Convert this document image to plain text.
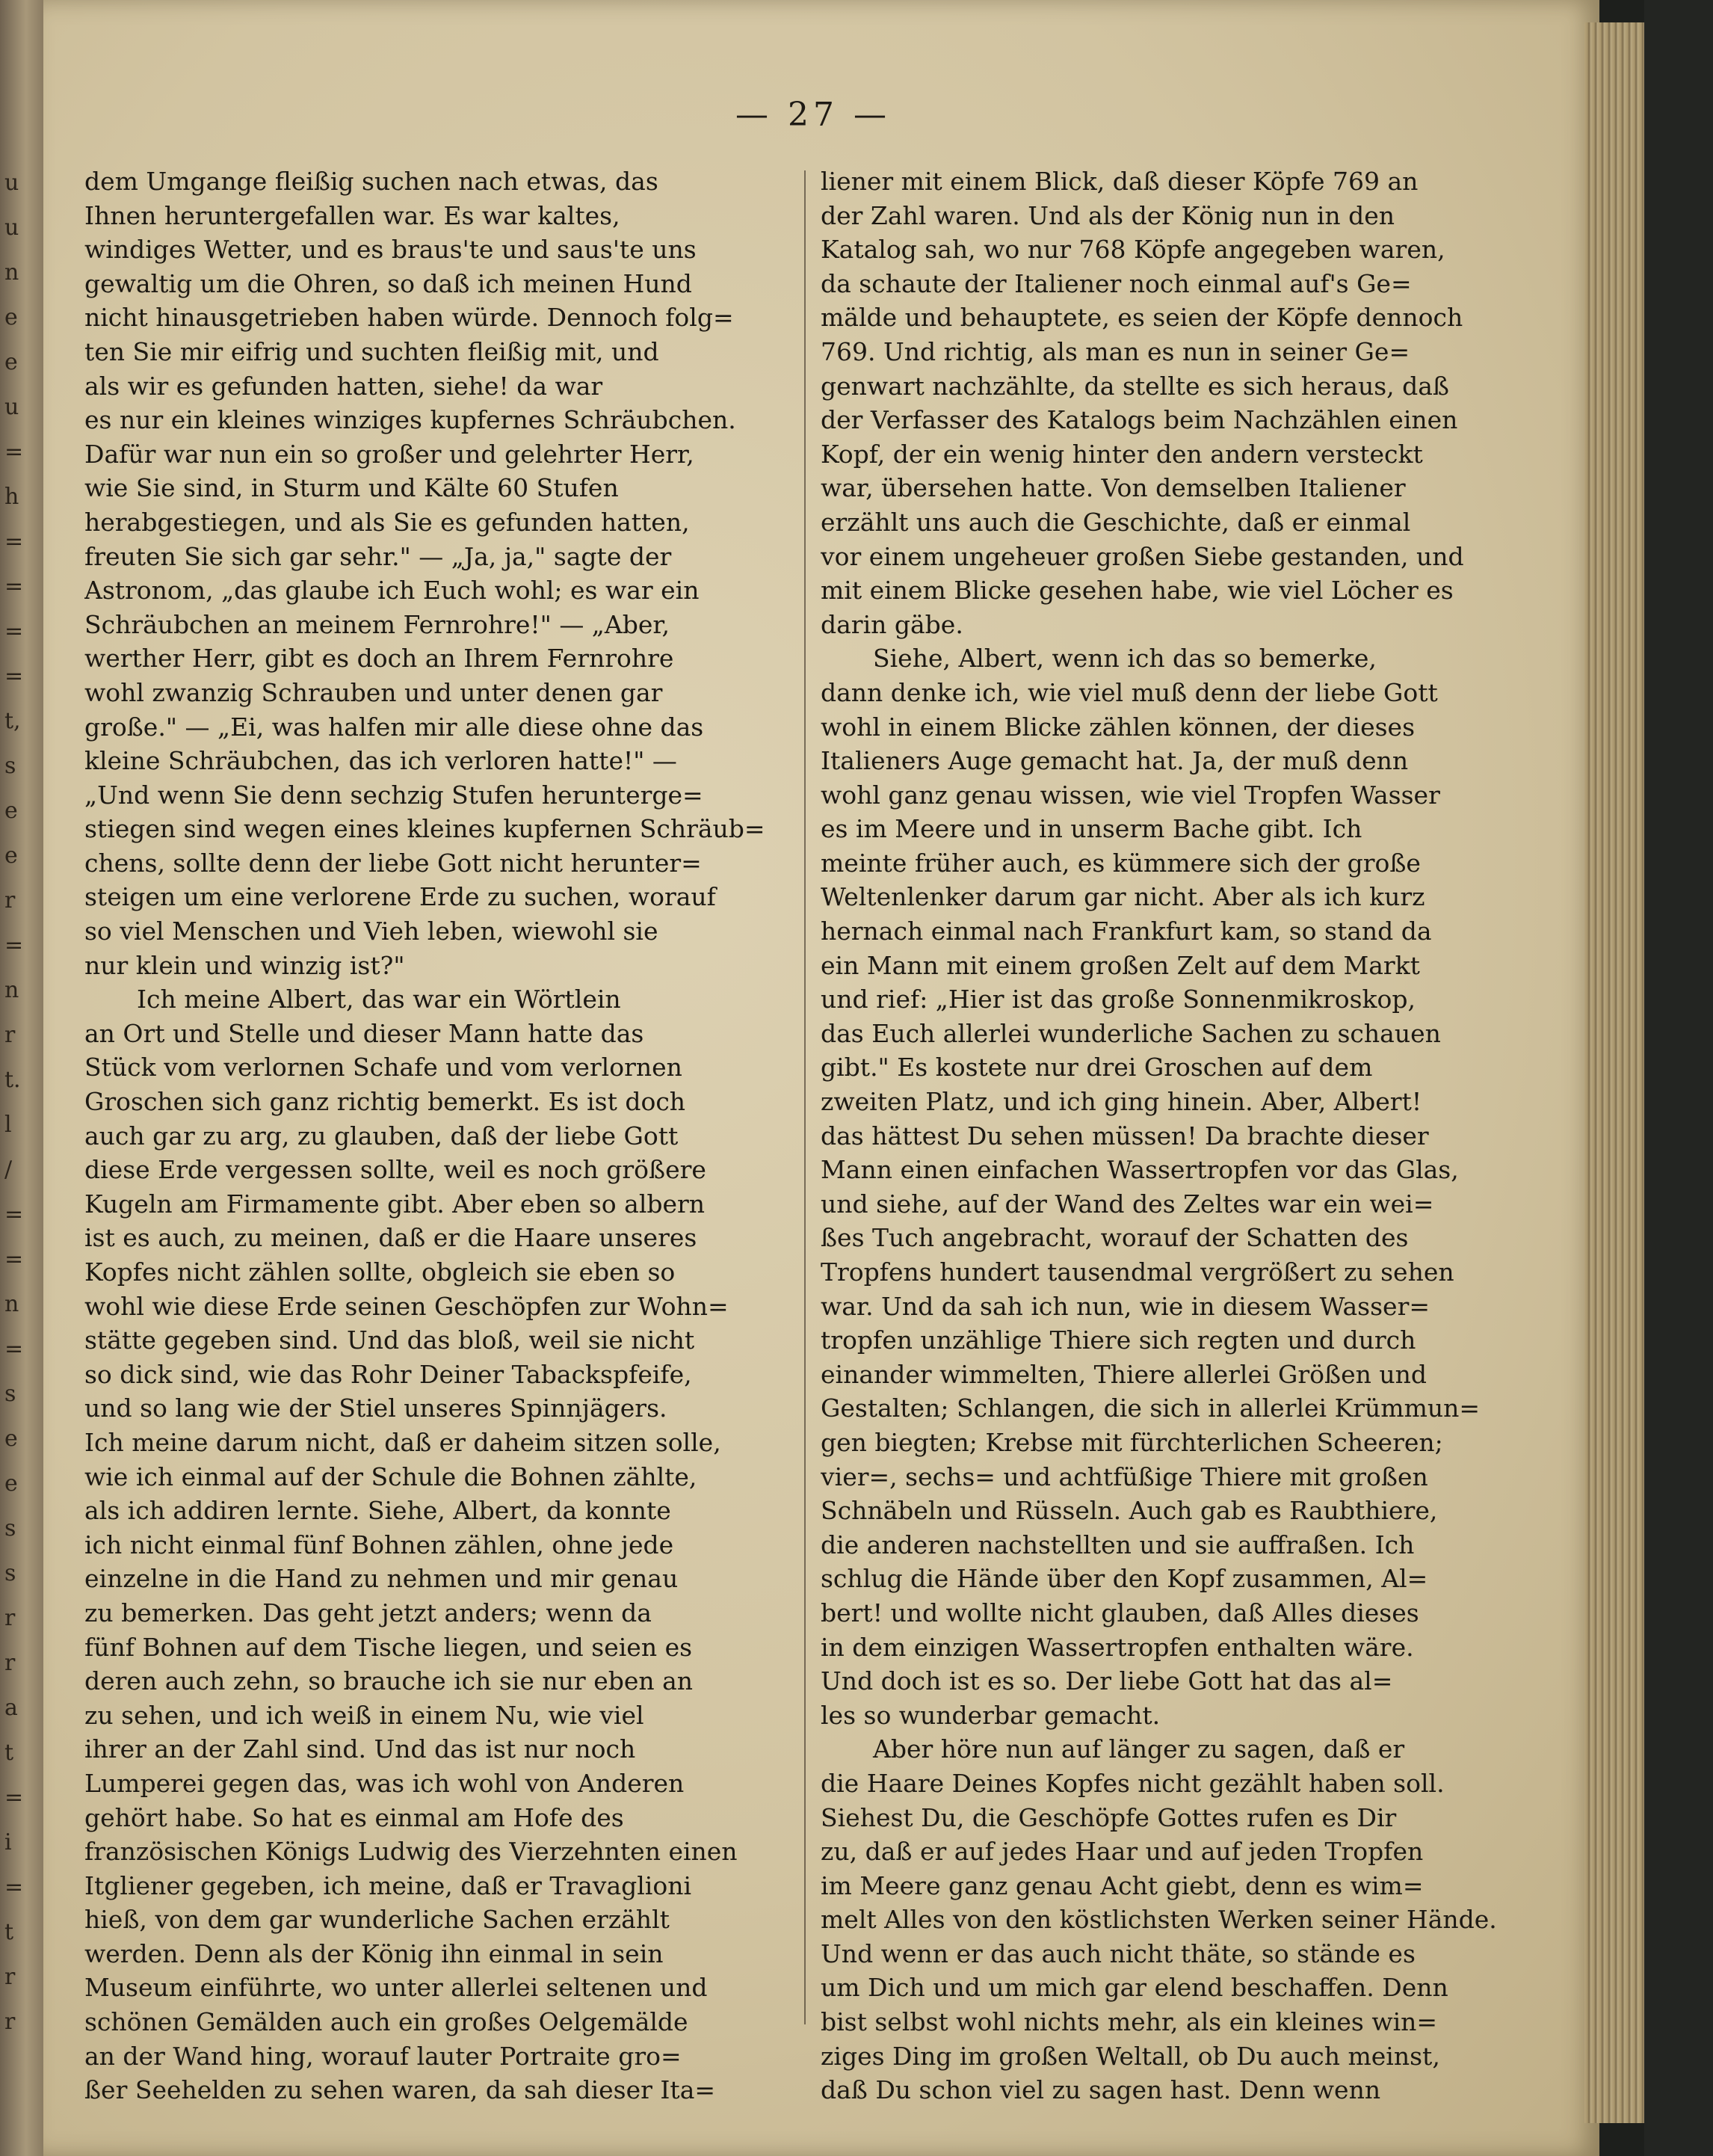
u
u
n
e
e
u
=
h
=
=
=
=
t,
s
e
e
r
=
n
r
t.
l
/
=
=
n
=
s
e
e
s
s
r
r
a
t
=
i
=
t
r
r
— 27 —
dem Umgange fleißig suchen nach etwas, das
Ihnen heruntergefallen war. Es war kaltes,
windiges Wetter, und es braus'te und saus'te uns
gewaltig um die Ohren, so daß ich meinen Hund
nicht hinausgetrieben haben würde. Dennoch folg=
ten Sie mir eifrig und suchten fleißig mit, und
als wir es gefunden hatten, siehe! da war
es nur ein kleines winziges kupfernes Schräubchen.
Dafür war nun ein so großer und gelehrter Herr,
wie Sie sind, in Sturm und Kälte 60 Stufen
herabgestiegen, und als Sie es gefunden hatten,
freuten Sie sich gar sehr." — „Ja, ja," sagte der
Astronom, „das glaube ich Euch wohl; es war ein
Schräubchen an meinem Fernrohre!" — „Aber,
werther Herr, gibt es doch an Ihrem Fernrohre
wohl zwanzig Schrauben und unter denen gar
große." — „Ei, was halfen mir alle diese ohne das
kleine Schräubchen, das ich verloren hatte!" —
„Und wenn Sie denn sechzig Stufen herunterge=
stiegen sind wegen eines kleines kupfernen Schräub=
chens, sollte denn der liebe Gott nicht herunter=
steigen um eine verlorene Erde zu suchen, worauf
so viel Menschen und Vieh leben, wiewohl sie
nur klein und winzig ist?"
Ich meine Albert, das war ein Wörtlein
an Ort und Stelle und dieser Mann hatte das
Stück vom verlornen Schafe und vom verlornen
Groschen sich ganz richtig bemerkt. Es ist doch
auch gar zu arg, zu glauben, daß der liebe Gott
diese Erde vergessen sollte, weil es noch größere
Kugeln am Firmamente gibt. Aber eben so albern
ist es auch, zu meinen, daß er die Haare unseres
Kopfes nicht zählen sollte, obgleich sie eben so
wohl wie diese Erde seinen Geschöpfen zur Wohn=
stätte gegeben sind. Und das bloß, weil sie nicht
so dick sind, wie das Rohr Deiner Tabackspfeife,
und so lang wie der Stiel unseres Spinnjägers.
Ich meine darum nicht, daß er daheim sitzen solle,
wie ich einmal auf der Schule die Bohnen zählte,
als ich addiren lernte. Siehe, Albert, da konnte
ich nicht einmal fünf Bohnen zählen, ohne jede
einzelne in die Hand zu nehmen und mir genau
zu bemerken. Das geht jetzt anders; wenn da
fünf Bohnen auf dem Tische liegen, und seien es
deren auch zehn, so brauche ich sie nur eben an
zu sehen, und ich weiß in einem Nu, wie viel
ihrer an der Zahl sind. Und das ist nur noch
Lumperei gegen das, was ich wohl von Anderen
gehört habe. So hat es einmal am Hofe des
französischen Königs Ludwig des Vierzehnten einen
Itgliener gegeben, ich meine, daß er Travaglioni
hieß, von dem gar wunderliche Sachen erzählt
werden. Denn als der König ihn einmal in sein
Museum einführte, wo unter allerlei seltenen und
schönen Gemälden auch ein großes Oelgemälde
an der Wand hing, worauf lauter Portraite gro=
ßer Seehelden zu sehen waren, da sah dieser Ita=
liener mit einem Blick, daß dieser Köpfe 769 an
der Zahl waren. Und als der König nun in den
Katalog sah, wo nur 768 Köpfe angegeben waren,
da schaute der Italiener noch einmal auf's Ge=
mälde und behauptete, es seien der Köpfe dennoch
769. Und richtig, als man es nun in seiner Ge=
genwart nachzählte, da stellte es sich heraus, daß
der Verfasser des Katalogs beim Nachzählen einen
Kopf, der ein wenig hinter den andern versteckt
war, übersehen hatte. Von demselben Italiener
erzählt uns auch die Geschichte, daß er einmal
vor einem ungeheuer großen Siebe gestanden, und
mit einem Blicke gesehen habe, wie viel Löcher es
darin gäbe.
Siehe, Albert, wenn ich das so bemerke,
dann denke ich, wie viel muß denn der liebe Gott
wohl in einem Blicke zählen können, der dieses
Italieners Auge gemacht hat. Ja, der muß denn
wohl ganz genau wissen, wie viel Tropfen Wasser
es im Meere und in unserm Bache gibt. Ich
meinte früher auch, es kümmere sich der große
Weltenlenker darum gar nicht. Aber als ich kurz
hernach einmal nach Frankfurt kam, so stand da
ein Mann mit einem großen Zelt auf dem Markt
und rief: „Hier ist das große Sonnenmikroskop,
das Euch allerlei wunderliche Sachen zu schauen
gibt." Es kostete nur drei Groschen auf dem
zweiten Platz, und ich ging hinein. Aber, Albert!
das hättest Du sehen müssen! Da brachte dieser
Mann einen einfachen Wassertropfen vor das Glas,
und siehe, auf der Wand des Zeltes war ein wei=
ßes Tuch angebracht, worauf der Schatten des
Tropfens hundert tausendmal vergrößert zu sehen
war. Und da sah ich nun, wie in diesem Wasser=
tropfen unzählige Thiere sich regten und durch
einander wimmelten, Thiere allerlei Größen und
Gestalten; Schlangen, die sich in allerlei Krümmun=
gen biegten; Krebse mit fürchterlichen Scheeren;
vier=, sechs= und achtfüßige Thiere mit großen
Schnäbeln und Rüsseln. Auch gab es Raubthiere,
die anderen nachstellten und sie auffraßen. Ich
schlug die Hände über den Kopf zusammen, Al=
bert! und wollte nicht glauben, daß Alles dieses
in dem einzigen Wassertropfen enthalten wäre.
Und doch ist es so. Der liebe Gott hat das al=
les so wunderbar gemacht.
Aber höre nun auf länger zu sagen, daß er
die Haare Deines Kopfes nicht gezählt haben soll.
Siehest Du, die Geschöpfe Gottes rufen es Dir
zu, daß er auf jedes Haar und auf jeden Tropfen
im Meere ganz genau Acht giebt, denn es wim=
melt Alles von den köstlichsten Werken seiner Hände.
Und wenn er das auch nicht thäte, so stände es
um Dich und um mich gar elend beschaffen. Denn
bist selbst wohl nichts mehr, als ein kleines win=
ziges Ding im großen Weltall, ob Du auch meinst,
daß Du schon viel zu sagen hast. Denn wenn
